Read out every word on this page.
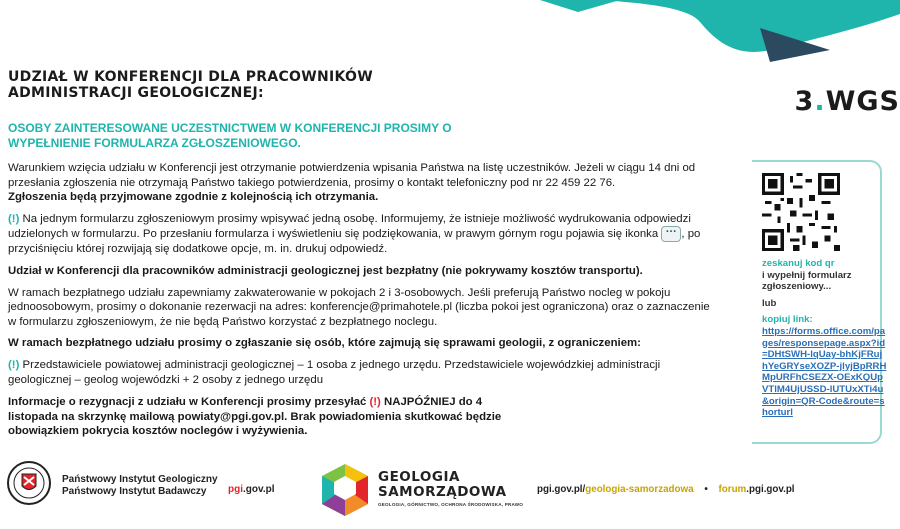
UDZIAŁ W KONFERENCJI DLA PRACOWNIKÓW ADMINISTRACJI GEOLOGICZNEJ:	3.WGS
OSOBY ZAINTERESOWANE UCZESTNICTWEM W KONFERENCJI PROSIMY O WYPEŁNIENIE FORMULARZA ZGŁOSZENIOWEGO.

Warunkiem wzięcia udziału w Konferencji jest otrzymanie potwierdzenia wpisania Państwa na listę uczestników. Jeżeli w ciągu 14 dni od przesłania zgłoszenia nie otrzymają Państwo takiego potwierdzenia, prosimy o kontakt telefoniczny pod nr 22 459 22 76.
Zgłoszenia będą przyjmowane zgodnie z kolejnością ich otrzymania.

(!) Na jednym formularzu zgłoszeniowym prosimy wpisywać jedną osobę. Informujemy, że istnieje możliwość wydrukowania odpowiedzi udzielonych w formularzu. Po przesłaniu formularza i wyświetleniu się podziękowania, w prawym górnym rogu pojawia się ikonka ··· , po przyciśnięciu której rozwijają się dodatkowe opcje, m. in. drukuj odpowiedź.

Udział w Konferencji dla pracowników administracji geologicznej jest bezpłatny (nie pokrywamy kosztów transportu).

W ramach bezpłatnego udziału zapewniamy zakwaterowanie w pokojach 2 i 3-osobowych. Jeśli preferują Państwo nocleg w pokoju jednoosobowym, prosimy o dokonanie rezerwacji na adres: konferencje@primahotele.pl (liczba pokoi jest ograniczona) oraz o zaznaczenie w formularzu zgłoszeniowym, że nie będą Państwo korzystać z bezpłatnego noclegu.

W ramach bezpłatnego udziału prosimy o zgłaszanie się osób, które zajmują się sprawami geologii, z ograniczeniem:

(!) Przedstawiciele powiatowej administracji geologicznej – 1 osoba z jednego urzędu. Przedstawiciele wojewódzkiej administracji geologicznej – geolog wojewódzki + 2 osoby z jednego urzędu

Informacje o rezygnacji z udziału w Konferencji prosimy przesyłać (!) NAJPÓŹNIEJ do 4 listopada na skrzynkę mailową powiaty@pgi.gov.pl. Brak powiadomienia skutkować będzie obowiązkiem pokrycia kosztów noclegów i wyżywienia.
zeskanuj kod qr
i wypełnij formularz zgłoszeniowy...
lub
kopiuj link:
https://forms.office.com/pages/responsepage.aspx?id=DHtSWH-lqUay-bhKjFRujhYeGRYseXOZP-jlyjBpRRHMpURFhCSEZX-OExKQUpVTlM4UjUSSD-lUTUxXTi4u&origin=QR-Code&route=shorturl
Państwowy Instytut Geologiczny
Państwowy Instytut Badawczy	pgi.gov.pl
GEOLOGIA
SAMORZĄDOWA
GEOLOGIA, GÓRNICTWO, OCHRONA ŚRODOWISKA, PRAWO
pgi.gov.pl/geologia-samorzadowa • forum.pgi.gov.pl
